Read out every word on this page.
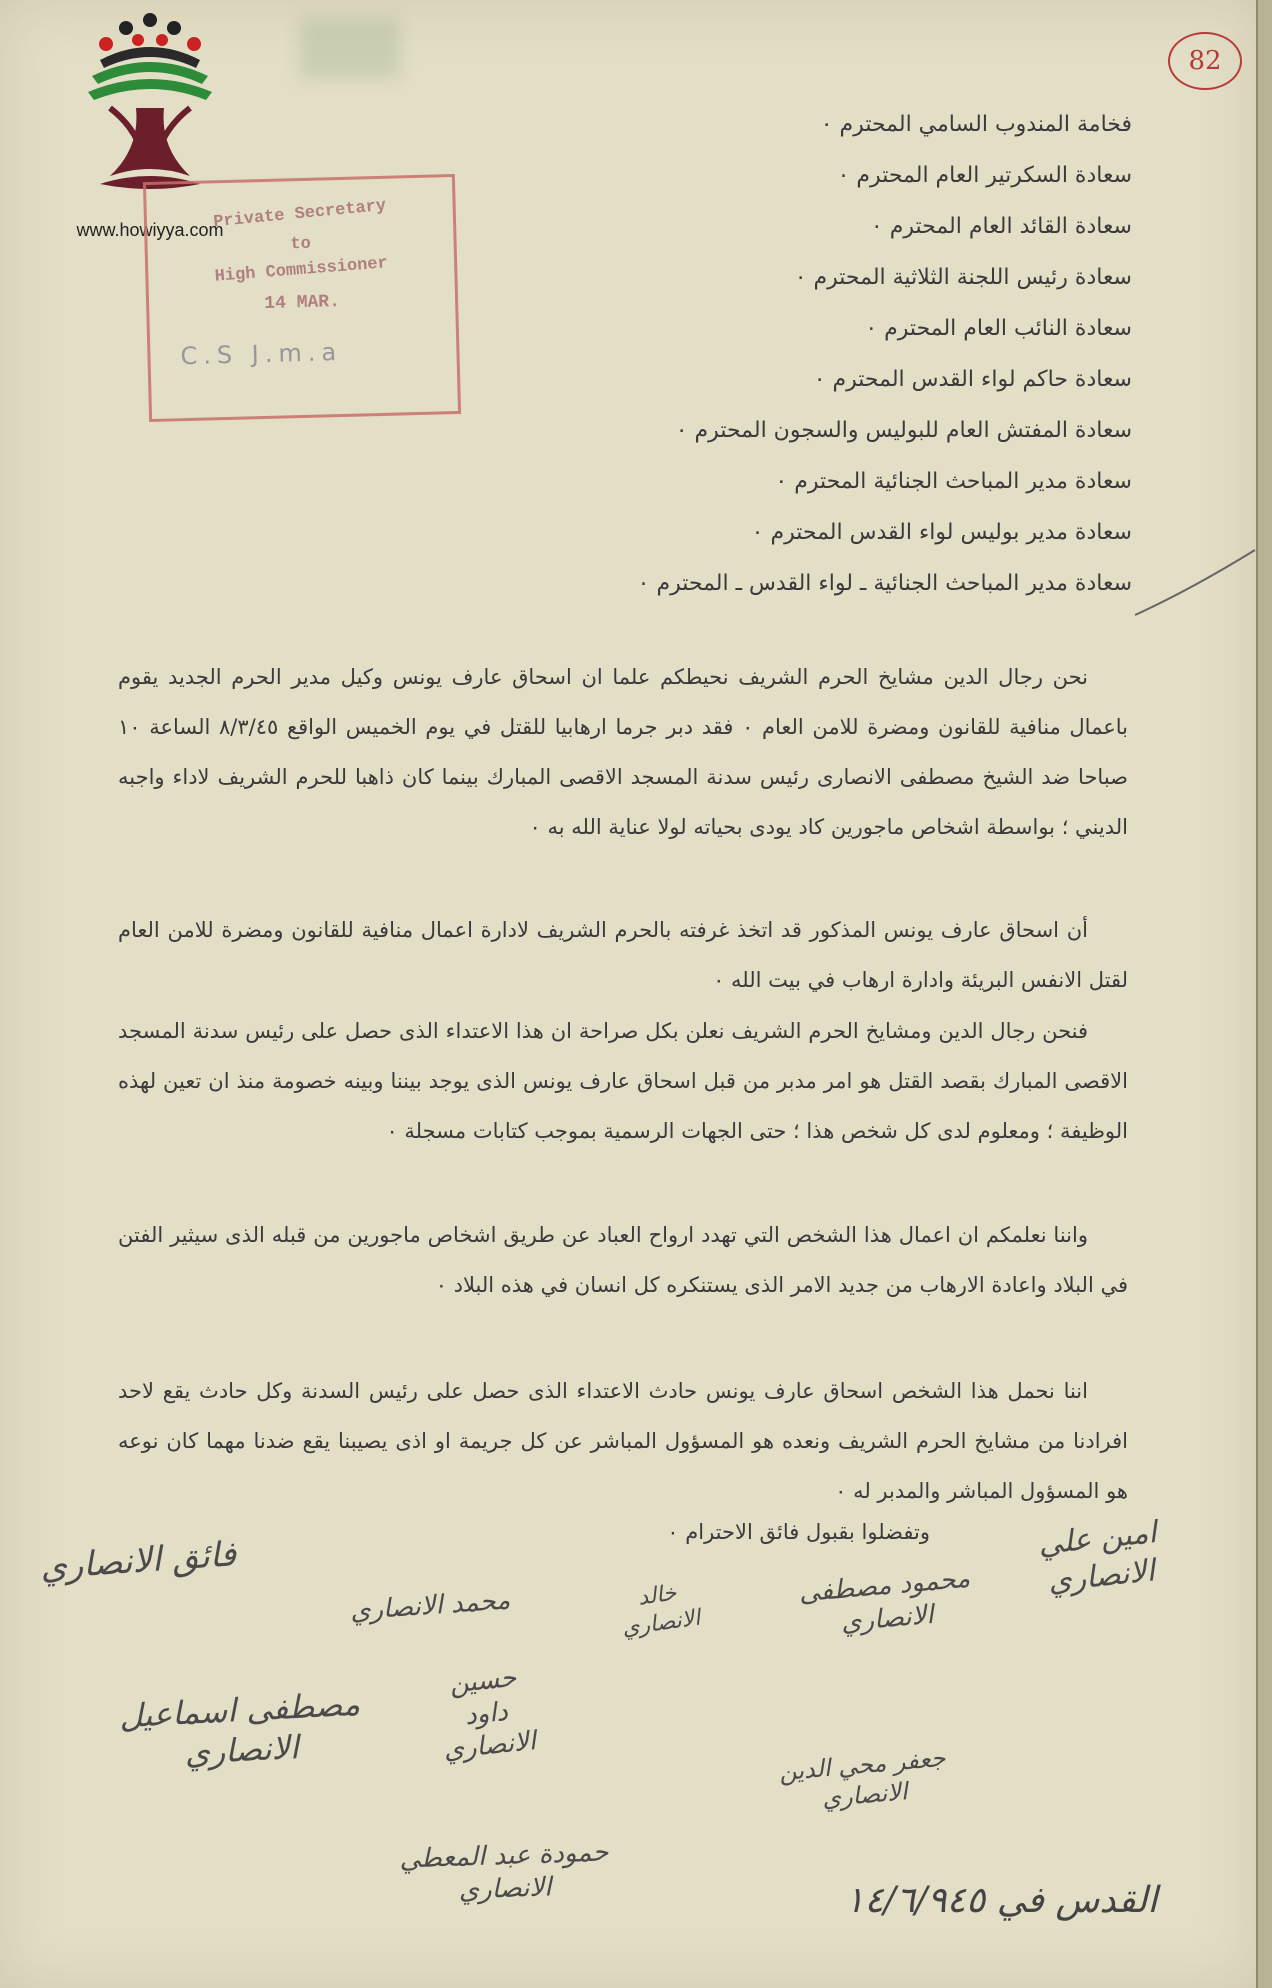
82
www.howiyya.com
Private Secretary
to
High Commissioner
14 MAR.
C.S J.m.a
فخامة المندوب السامي المحترم ٠
سعادة السكرتير العام المحترم ٠
سعادة القائد العام المحترم ٠
سعادة رئيس اللجنة الثلاثية المحترم ٠
سعادة النائب العام المحترم ٠
سعادة حاكم لواء القدس المحترم ٠
سعادة المفتش العام للبوليس والسجون المحترم ٠
سعادة مدير المباحث الجنائية المحترم ٠
سعادة مدير بوليس لواء القدس المحترم ٠
سعادة مدير المباحث الجنائية ـ لواء القدس ـ المحترم ٠
نحن رجال الدين مشايخ الحرم الشريف نحيطكم علما ان اسحاق عارف يونس وكيل مدير الحرم الجديد يقوم باعمال منافية للقانون ومضرة للامن العام ٠ فقد دبر جرما ارهابيا للقتل في يوم الخميس الواقع ٨/٣/٤٥ الساعة ١٠ صباحا ضد الشيخ مصطفى الانصارى رئيس سدنة المسجد الاقصى المبارك بينما كان ذاهبا للحرم الشريف لاداء واجبه الديني ؛ بواسطة اشخاص ماجورين كاد يودى بحياته لولا عناية الله به ٠
أن اسحاق عارف يونس المذكور قد اتخذ غرفته بالحرم الشريف لادارة اعمال منافية للقانون ومضرة للامن العام لقتل الانفس البريئة وادارة ارهاب في بيت الله ٠
فنحن رجال الدين ومشايخ الحرم الشريف نعلن بكل صراحة ان هذا الاعتداء الذى حصل على رئيس سدنة المسجد الاقصى المبارك بقصد القتل هو امر مدبر من قبل اسحاق عارف يونس الذى يوجد بيننا وبينه خصومة منذ ان تعين لهذه الوظيفة ؛ ومعلوم لدى كل شخص هذا ؛ حتى الجهات الرسمية بموجب كتابات مسجلة ٠
واننا نعلمكم ان اعمال هذا الشخص التي تهدد ارواح العباد عن طريق اشخاص ماجورين من قبله الذى سيثير الفتن في البلاد واعادة الارهاب من جديد الامر الذى يستنكره كل انسان في هذه البلاد ٠
اننا نحمل هذا الشخص اسحاق عارف يونس حادث الاعتداء الذى حصل على رئيس السدنة وكل حادث يقع لاحد افرادنا من مشايخ الحرم الشريف ونعده هو المسؤول المباشر عن كل جريمة او اذى يصيبنا يقع ضدنا مهما كان نوعه هو المسؤول المباشر والمدبر له ٠
وتفضلوا بقبول فائق الاحترام ٠
فائق الانصاري	امين علي
الانصاري
محمود مصطفى
الانصاري
خالد
الانصاري
محمد الانصاري
مصطفى اسماعيل
الانصاري
حسين
داود
الانصاري	جعفر محي الدين
الانصاري
حمودة عبد المعطي
الانصاري	القدس في ١٤/٦/٩٤٥
